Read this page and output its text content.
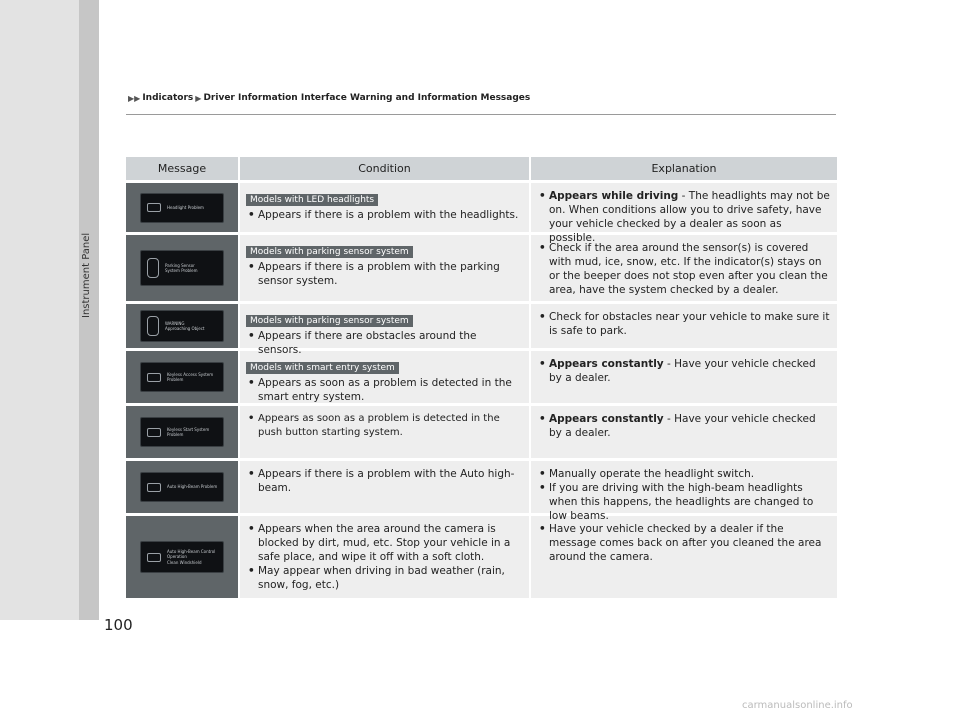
Instrument Panel
▶▶ Indicators ▶ Driver Information Interface Warning and Information Messages
Message	Condition	Explanation
Headlight Problem
Models with LED headlights
• Appears if there is a problem with the headlights.
• Appears while driving - The headlights may not be on. When conditions allow you to drive safety, have your vehicle checked by a dealer as soon as possible.
Parking Sensor
System Problem
Models with parking sensor system
• Appears if there is a problem with the parking sensor system.
• Check if the area around the sensor(s) is covered with mud, ice, snow, etc. If the indicator(s) stays on or the beeper does not stop even after you clean the area, have the system checked by a dealer.
WARNING
Approaching Object
Models with parking sensor system
• Appears if there are obstacles around the sensors.
• Check for obstacles near your vehicle to make sure it is safe to park.
Keyless Access System
Problem
Models with smart entry system
• Appears as soon as a problem is detected in the smart entry system.
• Appears constantly - Have your vehicle checked by a dealer.
Keyless Start System
Problem
• Appears as soon as a problem is detected in the push button starting system.
• Appears constantly - Have your vehicle checked by a dealer.
Auto High-Beam Problem
• Appears if there is a problem with the Auto high-beam.
• Manually operate the headlight switch.
• If you are driving with the high-beam headlights when this happens, the headlights are changed to low beams.
Auto High-Beam Control
Operation
Clean Windshield
• Appears when the area around the camera is blocked by dirt, mud, etc. Stop your vehicle in a safe place, and wipe it off with a soft cloth.
• May appear when driving in bad weather (rain, snow, fog, etc.)
• Have your vehicle checked by a dealer if the message comes back on after you cleaned the area around the camera.
100
carmanualsonline.info
